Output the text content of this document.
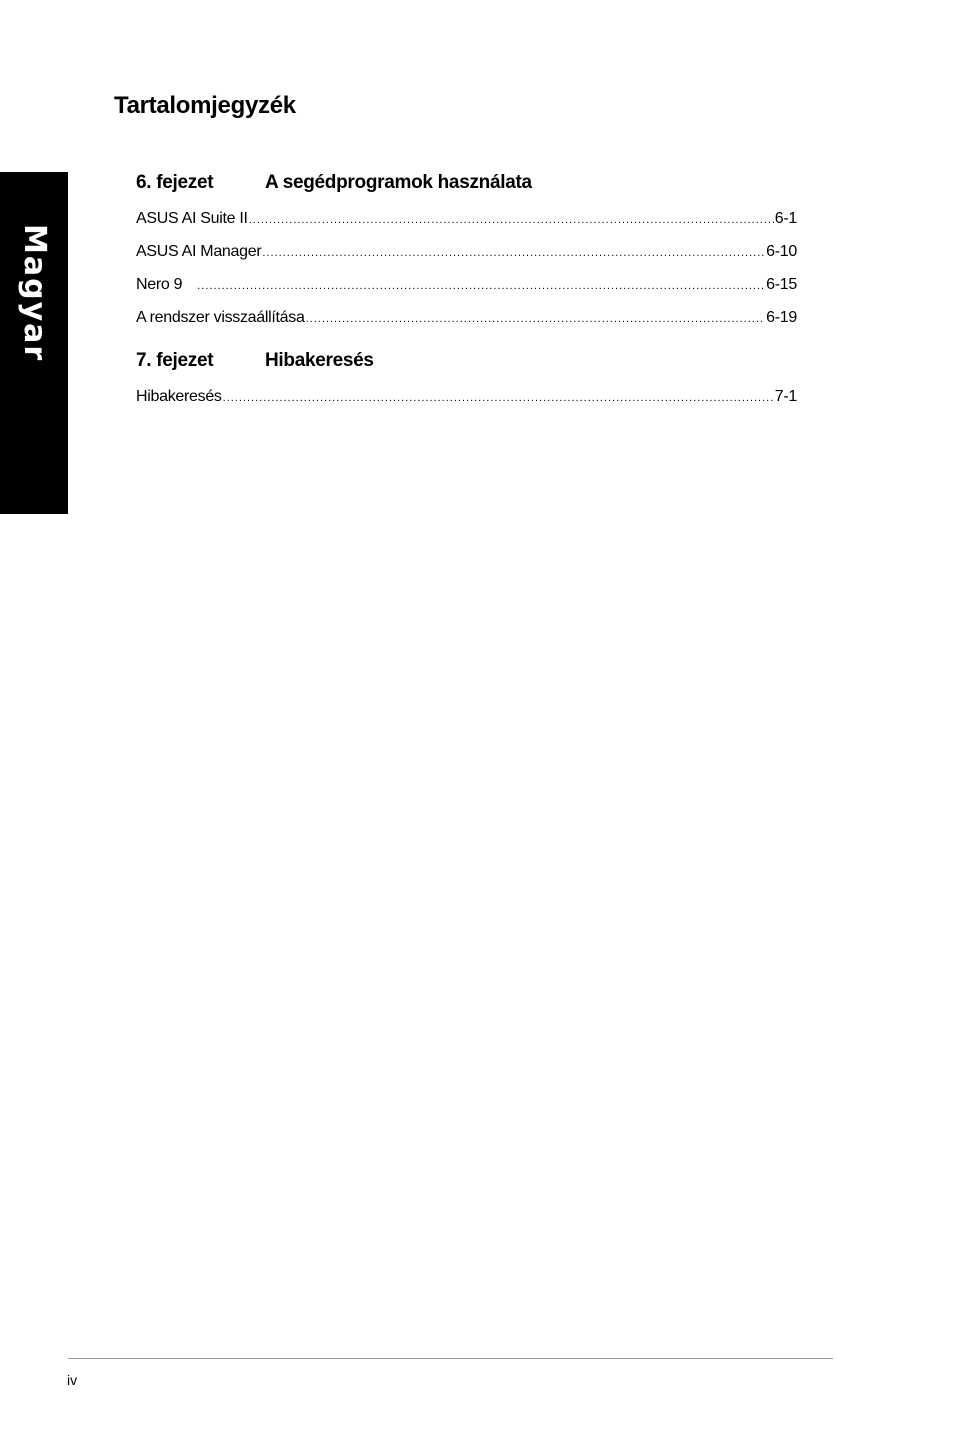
Magyar
Tartalomjegyzék
6. fejezet	A segédprogramok használata
ASUS AI Suite II .....	6-1
ASUS AI Manager .....	6-10
Nero 9 .....	6-15
A rendszer visszaállítása .....	6-19
7. fejezet	Hibakeresés
Hibakeresés .....	7-1
iv
